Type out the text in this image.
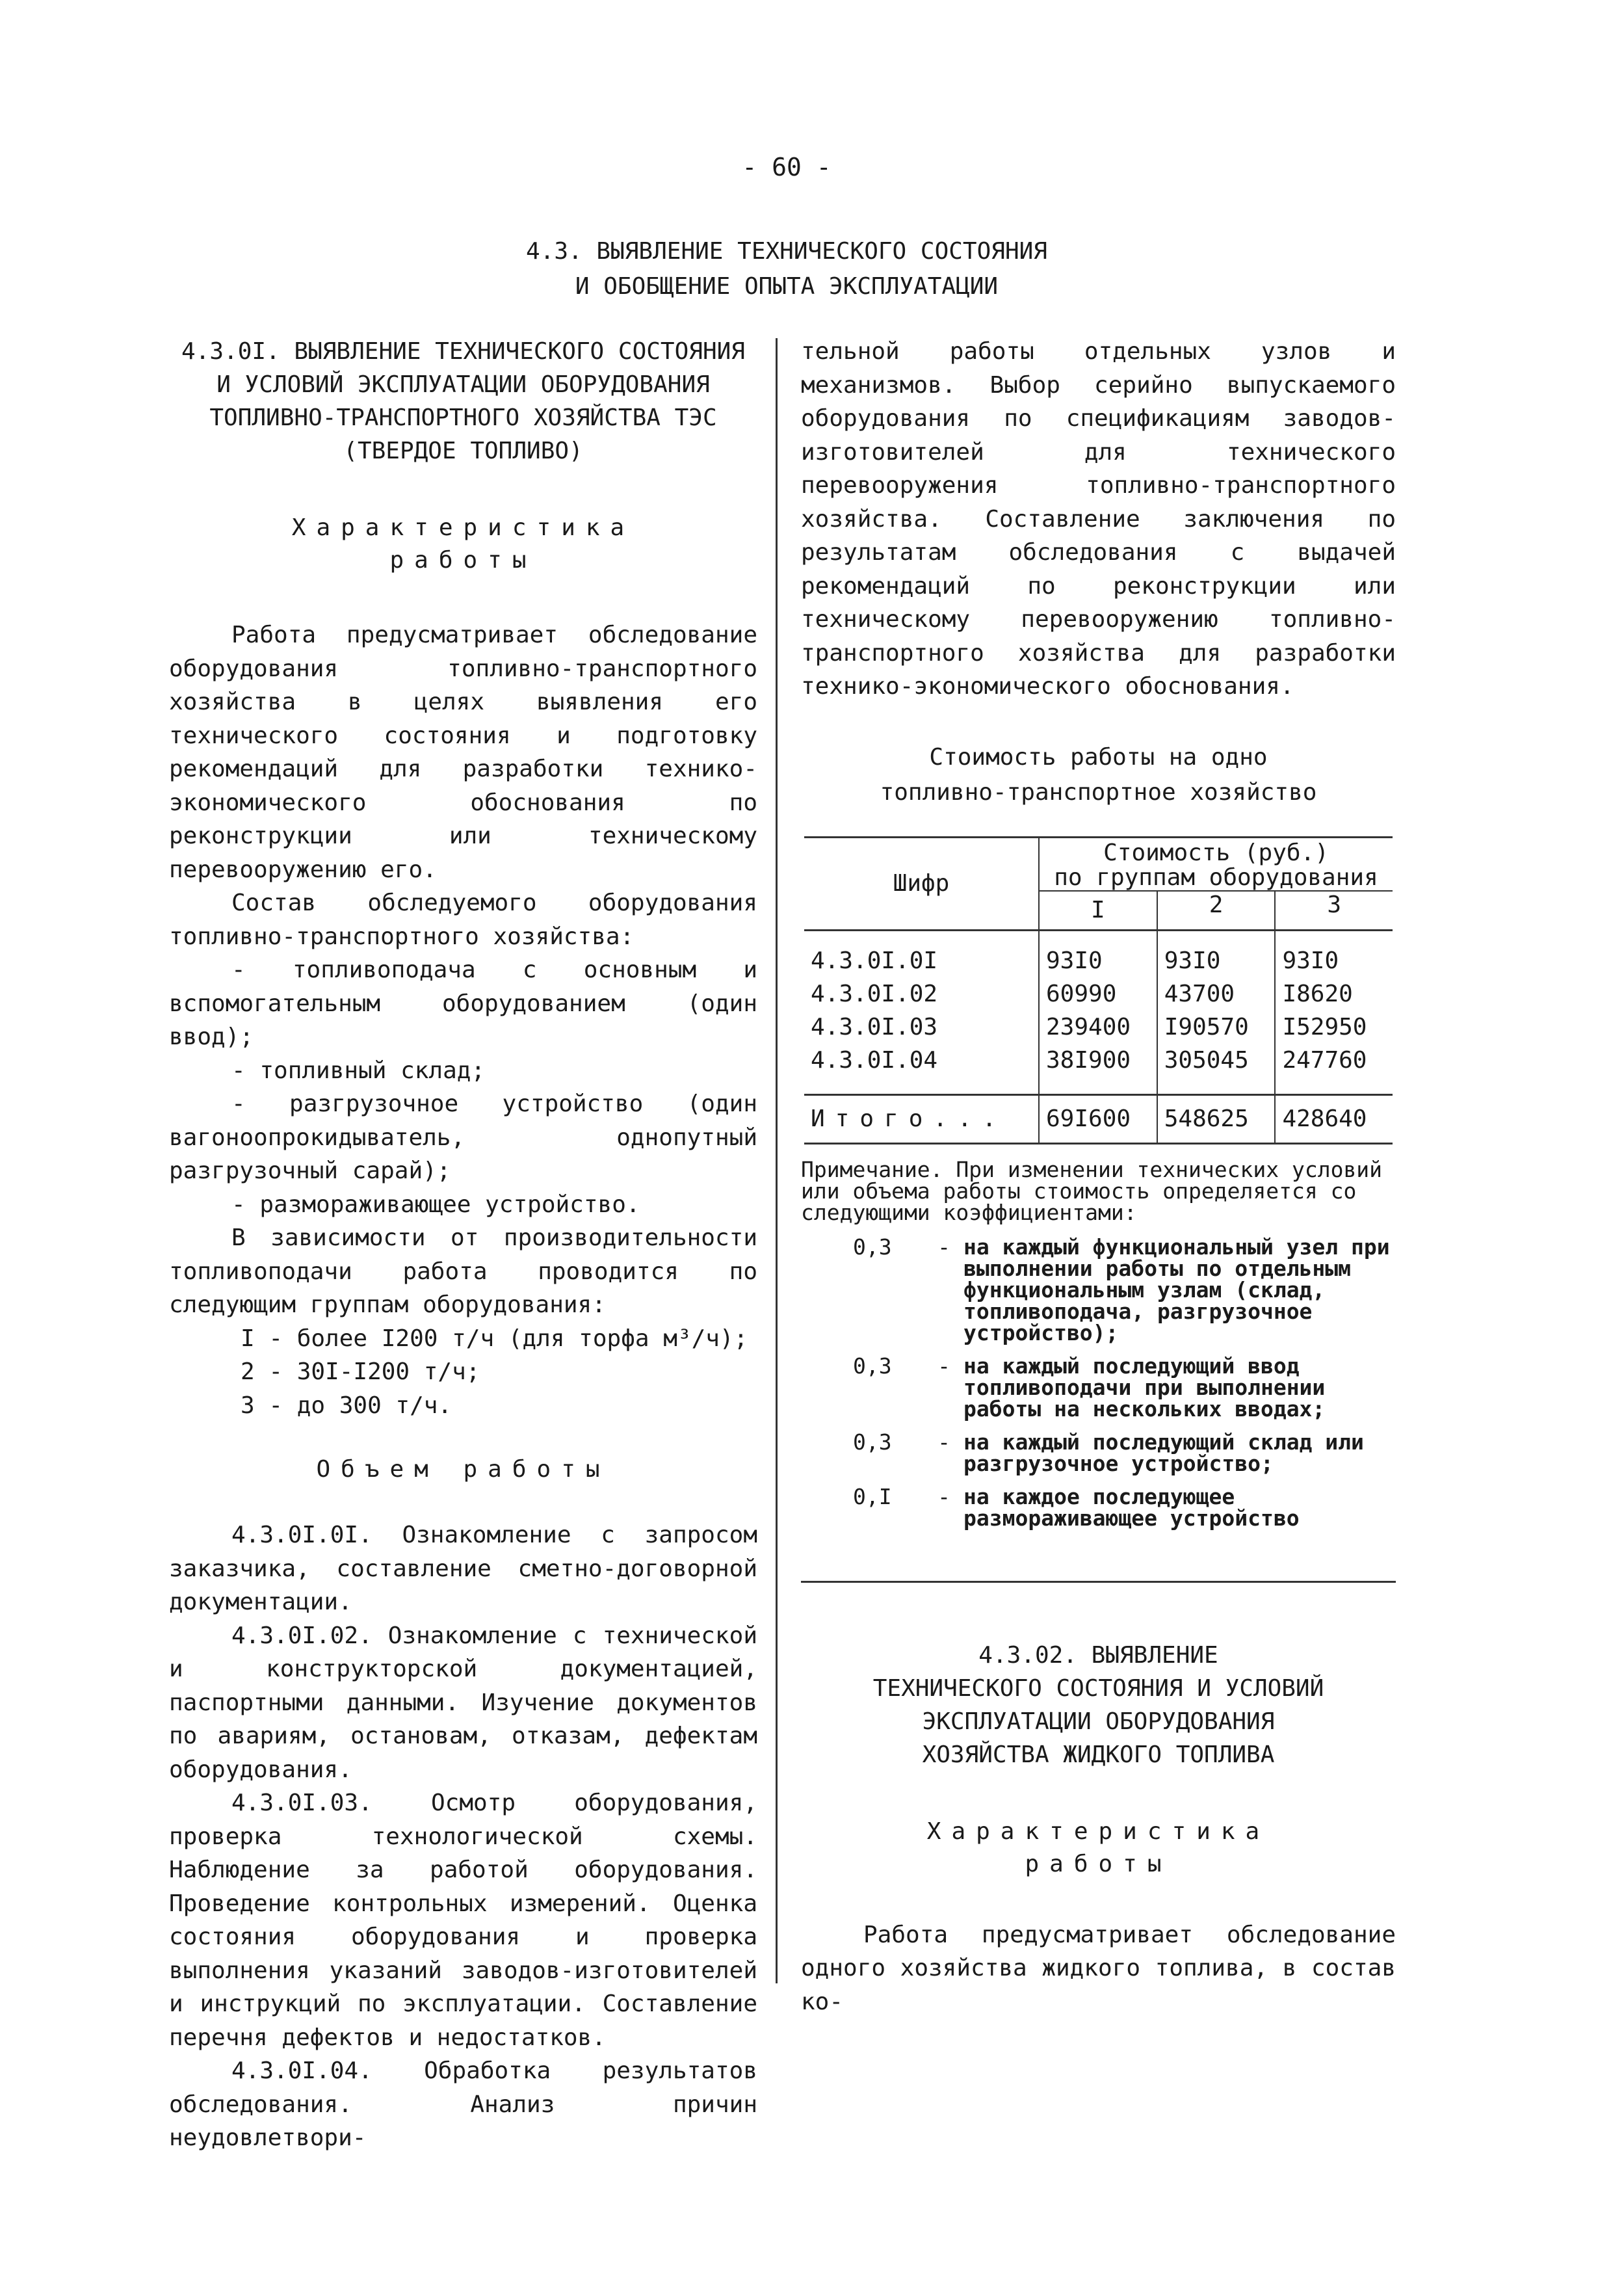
- 60 -
4.3. ВЫЯВЛЕНИЕ ТЕХНИЧЕСКОГО СОСТОЯНИЯ
И ОБОБЩЕНИЕ ОПЫТА ЭКСПЛУАТАЦИИ
4.3.0I. ВЫЯВЛЕНИЕ ТЕХНИЧЕСКОГО СОСТОЯНИЯ
И УСЛОВИЙ ЭКСПЛУАТАЦИИ ОБОРУДОВАНИЯ
ТОПЛИВНО-ТРАНСПОРТНОГО ХОЗЯЙСТВА ТЭС
(ТВЕРДОЕ ТОПЛИВО)

Характеристика

работы

Работа предусматривает обследование оборудования топливно-транспортного хозяйства в целях выявления его технического состояния и подготовку рекомендаций для разработки технико-экономического обоснования по реконструкции или техническому перевооружению его.

Состав обследуемого оборудования топливно-транспортного хозяйства:

- топливоподача с основным и вспомогательным оборудованием (один ввод);

- топливный склад;

- разгрузочное устройство (один вагоноопрокидыватель, однопутный разгрузочный сарай);

- размораживающее устройство.

В зависимости от производительности топливоподачи работа проводится по следующим группам оборудования:

I - более I200 т/ч (для торфа м³/ч);

2 - 30I-I200 т/ч;

3 - до 300 т/ч.

Объем работы

4.3.0I.0I. Ознакомление с запросом заказчика, составление сметно-договорной документации.

4.3.0I.02. Ознакомление с технической и конструкторской документацией, паспортными данными. Изучение документов по авариям, остановам, отказам, дефектам оборудования.

4.3.0I.03. Осмотр оборудования, проверка технологической схемы. Наблюдение за работой оборудования. Проведение контрольных измерений. Оценка состояния оборудования и проверка выполнения указаний заводов-изготовителей и инструкций по эксплуатации. Составление перечня дефектов и недостатков.

4.3.0I.04. Обработка результатов обследования. Анализ причин неудовлетвори-

тельной работы отдельных узлов и механизмов. Выбор серийно выпускаемого оборудования по спецификациям заводов-изготовителей для технического перевооружения топливно-транспортного хозяйства. Составление заключения по результатам обследования с выдачей рекомендаций по реконструкции или техническому перевооружению топливно-транспортного хозяйства для разработки технико-экономического обоснования.

Стоимость работы на одно
топливно-транспортное хозяйство
Шифр	Стоимость (руб.)
по группам оборудования		

	I	2	3
4.3.0I.0I	93I0	93I0	93I0
4.3.0I.02	60990	43700	I8620
4.3.0I.03	239400	I90570	I52950
4.3.0I.04	38I900	305045	247760
Итого...	69I600	548625	428640

Примечание. При изменении технических условий или объема работы стоимость определяется со следующими коэффициентами:

0,3	- на каждый функциональный узел при выполнении работы по отдельным функциональным узлам (склад, топливоподача, разгрузочное устройство);
0,3	- на каждый последующий ввод топливоподачи при выполнении работы на нескольких вводах;
0,3	- на каждый последующий склад или разгрузочное устройство;
0,I	- на каждое последующее размораживающее устройство
4.3.02. ВЫЯВЛЕНИЕ
ТЕХНИЧЕСКОГО СОСТОЯНИЯ И УСЛОВИЙ
ЭКСПЛУАТАЦИИ ОБОРУДОВАНИЯ
ХОЗЯЙСТВА ЖИДКОГО ТОПЛИВА

Характеристика

работы

Работа предусматривает обследование одного хозяйства жидкого топлива, в состав ко-
